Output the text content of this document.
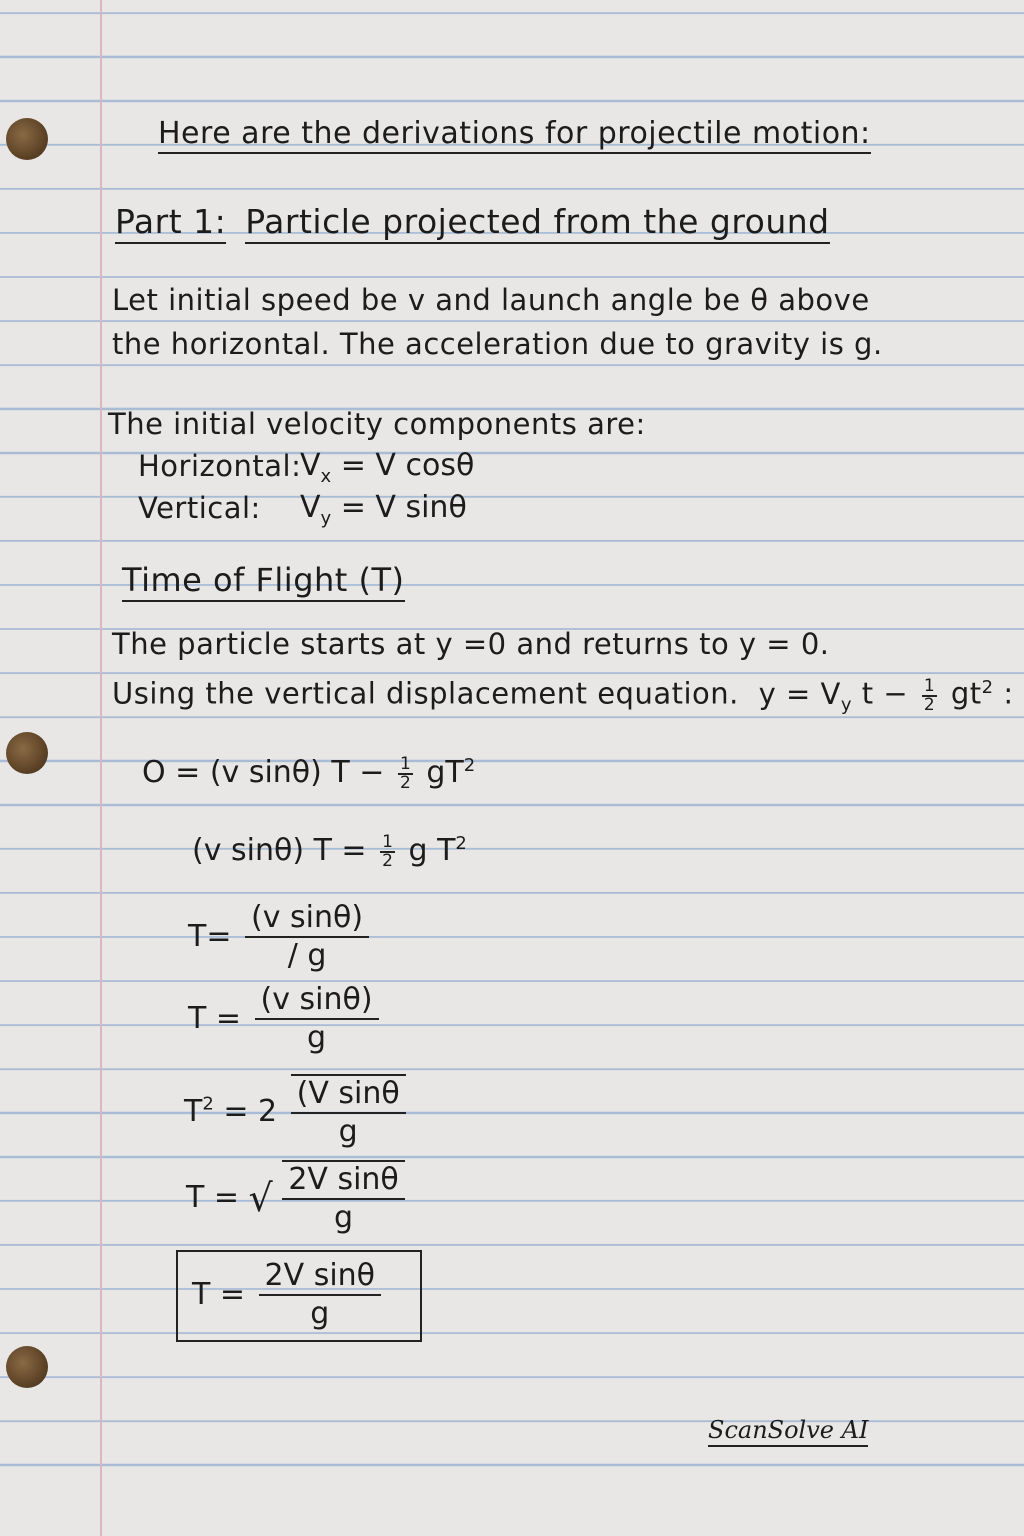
Here are the derivations for projectile motion:
Part 1: Particle projected from the ground
Let initial speed be v and launch angle be θ above
the horizontal. The acceleration due to gravity is g.
The initial velocity components are:
Horizontal:
$V_x = V$ cosθ
Vertical: $V_y = V$ sinθ
Time of Flight (T)
The particle starts at y =0 and returns to y = 0.
Using the vertical displacement equation. $y = V_y$ $t - \frac{1}{2} gt^2$ :
O = (v sinθ) $T - \frac{1}{2} gT^2$
(v sinθ) $T = \frac{1}{2}$ g $T^2$
$T= \frac{\text{(v sinθ)}}{/ g}$
$T = \frac{\text{(v sinθ)}}{g}$
$T^2 = 2 \frac{\text{(V sinθ}}{g}$
T = √ $\frac{\text{2V sinθ}}{g}$
$T = \frac{\text{2V sinθ}}{g}$
ScanSolve AI
